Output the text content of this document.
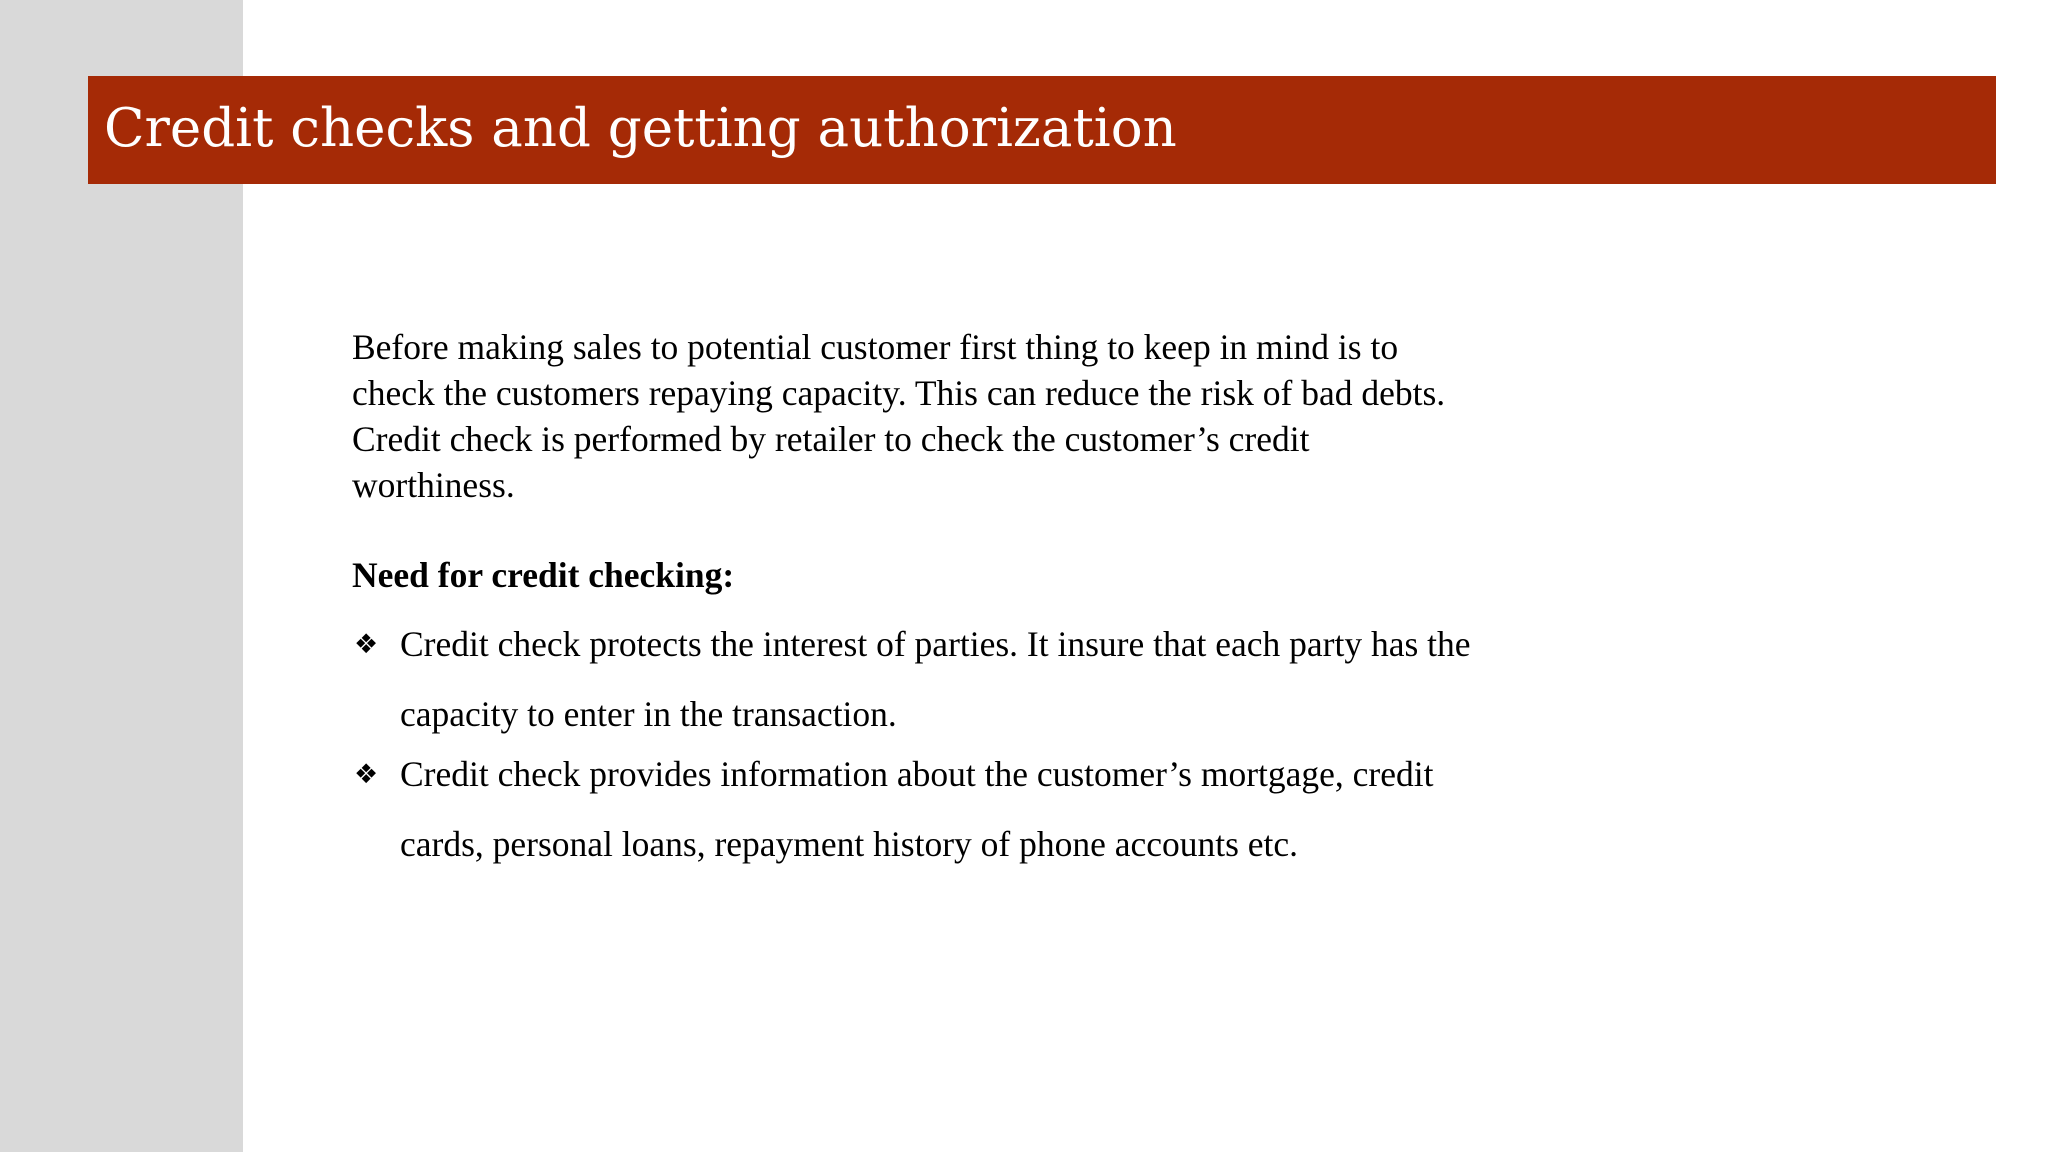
Credit checks and getting authorization

Before making sales to potential customer first thing to keep in mind is to check the customers repaying capacity. This can reduce the risk of bad debts. Credit check is performed by retailer to check the customer’s credit worthiness.

Need for credit checking:

❖ Credit check protects the interest of parties. It insure that each party has the capacity to enter in the transaction.
❖ Credit check provides information about the customer’s mortgage, credit cards, personal loans, repayment history of phone accounts etc.
